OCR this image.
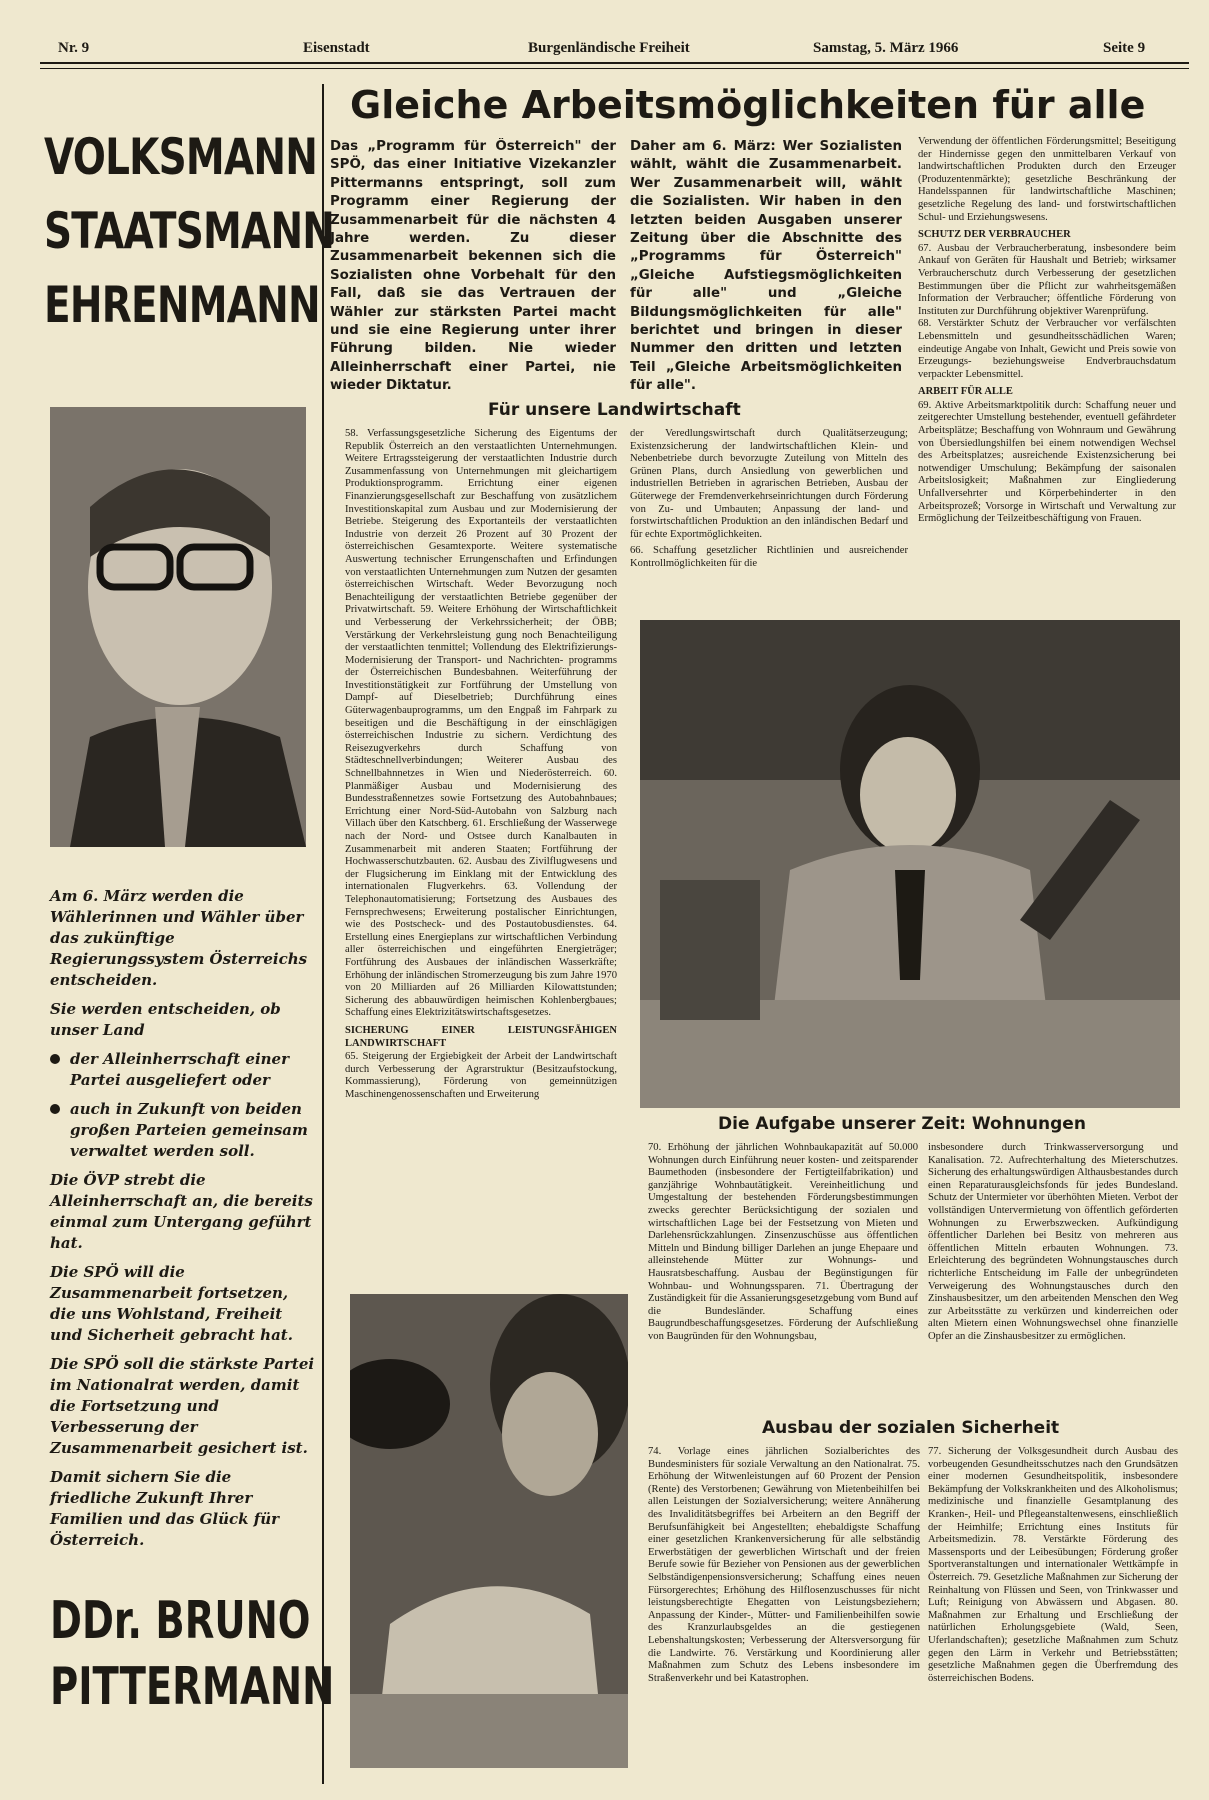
Nr. 9	Eisenstadt	Burgenländische Freiheit	Samstag, 5. März 1966	Seite 9
VOLKSMANN
STAATSMANN
EHRENMANN

Am 6. März werden die Wählerinnen und Wähler über das zukünftige Regierungssystem Österreichs entscheiden.

Sie werden entscheiden, ob unser Land

der Alleinherrschaft einer Partei ausgeliefert oder

auch in Zukunft von beiden großen Parteien gemeinsam verwaltet werden soll.

Die ÖVP strebt die Alleinherrschaft an, die bereits einmal zum Untergang geführt hat.

Die SPÖ will die Zusammenarbeit fortsetzen, die uns Wohlstand, Freiheit und Sicherheit gebracht hat.

Die SPÖ soll die stärkste Partei im Nationalrat werden, damit die Fortsetzung und Verbesserung der Zusammenarbeit gesichert ist.

Damit sichern Sie die friedliche Zukunft Ihrer Familien und das Glück für Österreich.

DDr. BRUNO
PITTERMANN
Gleiche Arbeitsmöglichkeiten für alle
Das „Programm für Österreich" der SPÖ, das einer Initiative Vizekanzler Pittermanns entspringt, soll zum Programm einer Regierung der Zusammenarbeit für die nächsten 4 Jahre werden. Zu dieser Zusammenarbeit bekennen sich die Sozialisten ohne Vorbehalt für den Fall, daß sie das Vertrauen der Wähler zur stärksten Partei macht und sie eine Regierung unter ihrer Führung bilden. Nie wieder Alleinherrschaft einer Partei, nie wieder Diktatur.
Daher am 6. März: Wer Sozialisten wählt, wählt die Zusammenarbeit. Wer Zusammenarbeit will, wählt die Sozialisten. Wir haben in den letzten beiden Ausgaben unserer Zeitung über die Abschnitte des „Programms für Österreich" „Gleiche Aufstiegsmöglichkeiten für alle" und „Gleiche Bildungsmöglichkeiten für alle" berichtet und bringen in dieser Nummer den dritten und letzten Teil „Gleiche Arbeitsmöglichkeiten für alle".

Verwendung der öffentlichen Förderungsmittel; Beseitigung der Hindernisse gegen den unmittelbaren Verkauf von landwirtschaftlichen Produkten durch den Erzeuger (Produzentenmärkte); gesetzliche Beschränkung der Handelsspannen für landwirtschaftliche Maschinen; gesetzliche Regelung des land- und forstwirtschaftlichen Schul- und Erziehungswesens.

SCHUTZ DER VERBRAUCHER

67. Ausbau der Verbraucherberatung, insbesondere beim Ankauf von Geräten für Haushalt und Betrieb; wirksamer Verbraucherschutz durch Verbesserung der gesetzlichen Bestimmungen über die Pflicht zur wahrheitsgemäßen Information der Verbraucher; öffentliche Förderung von Instituten zur Durchführung objektiver Warenprüfung.

68. Verstärkter Schutz der Verbraucher vor verfälschten Lebensmitteln und gesundheitsschädlichen Waren; eindeutige Angabe von Inhalt, Gewicht und Preis sowie von Erzeugungs- beziehungsweise Endverbrauchsdatum verpackter Lebensmittel.

ARBEIT FÜR ALLE

69. Aktive Arbeitsmarktpolitik durch: Schaffung neuer und zeitgerechter Umstellung bestehender, eventuell gefährdeter Arbeitsplätze; Beschaffung von Wohnraum und Gewährung von Übersiedlungshilfen bei einem notwendigen Wechsel des Arbeitsplatzes; ausreichende Existenzsicherung bei notwendiger Umschulung; Bekämpfung der saisonalen Arbeitslosigkeit; Maßnahmen zur Eingliederung Unfallversehrter und Körperbehinderter in den Arbeitsprozeß; Vorsorge in Wirtschaft und Verwaltung zur Ermöglichung der Teilzeitbeschäftigung von Frauen.

Für unsere Landwirtschaft

58. Verfassungsgesetzliche Sicherung des Eigentums der Republik Österreich an den verstaatlichten Unternehmungen. Weitere Ertragssteigerung der verstaatlichten Industrie durch Zusammenfassung von Unternehmungen mit gleichartigem Produktionsprogramm. Errichtung einer eigenen Finanzierungsgesellschaft zur Beschaffung von zusätzlichem Investitionskapital zum Ausbau und zur Modernisierung der Betriebe. Steigerung des Exportanteils der verstaatlichten Industrie von derzeit 26 Prozent auf 30 Prozent der österreichischen Gesamtexporte. Weitere systematische Auswertung technischer Errungenschaften und Erfindungen von verstaatlichten Unternehmungen zum Nutzen der gesamten österreichischen Wirtschaft. Weder Bevorzugung noch Benachteiligung der verstaatlichten Betriebe gegenüber der Privatwirtschaft. 59. Weitere Erhöhung der Wirtschaftlichkeit und Verbesserung der Verkehrssicherheit; der ÖBB; Verstärkung der Verkehrsleistung gung noch Benachteiligung der verstaatlichten tenmittel; Vollendung des Elektrifizierungs- Modernisierung der Transport- und Nachrichten- programms der Österreichischen Bundesbahnen. Weiterführung der Investitionstätigkeit zur Fortführung der Umstellung von Dampf- auf Dieselbetrieb; Durchführung eines Güterwagenbauprogramms, um den Engpaß im Fahrpark zu beseitigen und die Beschäftigung in der einschlägigen österreichischen Industrie zu sichern. Verdichtung des Reisezugverkehrs durch Schaffung von Städteschnellverbindungen; Weiterer Ausbau des Schnellbahnnetzes in Wien und Niederösterreich. 60. Planmäßiger Ausbau und Modernisierung des Bundesstraßennetzes sowie Fortsetzung des Autobahnbaues; Errichtung einer Nord-Süd-Autobahn von Salzburg nach Villach über den Katschberg. 61. Erschließung der Wasserwege nach der Nord- und Ostsee durch Kanalbauten in Zusammenarbeit mit anderen Staaten; Fortführung der Hochwasserschutzbauten. 62. Ausbau des Zivilflugwesens und der Flugsicherung im Einklang mit der Entwicklung des internationalen Flugverkehrs. 63. Vollendung der Telephonautomatisierung; Fortsetzung des Ausbaues des Fernsprechwesens; Erweiterung postalischer Einrichtungen, wie des Postscheck- und des Postautobusdienstes. 64. Erstellung eines Energieplans zur wirtschaftlichen Verbindung aller österreichischen und eingeführten Energieträger; Fortführung des Ausbaues der inländischen Wasserkräfte; Erhöhung der inländischen Stromerzeugung bis zum Jahre 1970 von 20 Milliarden auf 26 Milliarden Kilowattstunden; Sicherung des abbauwürdigen heimischen Kohlenbergbaues; Schaffung eines Elektrizitätswirtschaftsgesetzes.

SICHERUNG EINER LEISTUNGSFÄHIGEN LANDWIRTSCHAFT

65. Steigerung der Ergiebigkeit der Arbeit der Landwirtschaft durch Verbesserung der Agrarstruktur (Besitzaufstockung, Kommassierung), Förderung von gemeinnützigen Maschinengenossenschaften und Erweiterung

der Veredlungswirtschaft durch Qualitätserzeugung; Existenzsicherung der landwirtschaftlichen Klein- und Nebenbetriebe durch bevorzugte Zuteilung von Mitteln des Grünen Plans, durch Ansiedlung von gewerblichen und industriellen Betrieben in agrarischen Betrieben, Ausbau der Güterwege der Fremdenverkehrseinrichtungen durch Förderung von Zu- und Umbauten; Anpassung der land- und forstwirtschaftlichen Produktion an den inländischen Bedarf und für echte Exportmöglichkeiten.

66. Schaffung gesetzlicher Richtlinien und ausreichender Kontrollmöglichkeiten für die

Die Aufgabe unserer Zeit: Wohnungen

70. Erhöhung der jährlichen Wohnbaukapazität auf 50.000 Wohnungen durch Einführung neuer kosten- und zeitsparender Baumethoden (insbesondere der Fertigteilfabrikation) und ganzjährige Wohnbautätigkeit. Vereinheitlichung und Umgestaltung der bestehenden Förderungsbestimmungen zwecks gerechter Berücksichtigung der sozialen und wirtschaftlichen Lage bei der Festsetzung von Mieten und Darlehensrückzahlungen. Zinsenzuschüsse aus öffentlichen Mitteln und Bindung billiger Darlehen an junge Ehepaare und alleinstehende Mütter zur Wohnungs- und Hausratsbeschaffung. Ausbau der Begünstigungen für Wohnbau- und Wohnungssparen. 71. Übertragung der Zuständigkeit für die Assanierungsgesetzgebung vom Bund auf die Bundesländer. Schaffung eines Baugrundbeschaffungsgesetzes. Förderung der Aufschließung von Baugründen für den Wohnungsbau,

insbesondere durch Trinkwasserversorgung und Kanalisation. 72. Aufrechterhaltung des Mieterschutzes. Sicherung des erhaltungswürdigen Althausbestandes durch einen Reparaturausgleichsfonds für jedes Bundesland. Schutz der Untermieter vor überhöhten Mieten. Verbot der vollständigen Untervermietung von öffentlich geförderten Wohnungen zu Erwerbszwecken. Aufkündigung öffentlicher Darlehen bei Besitz von mehreren aus öffentlichen Mitteln erbauten Wohnungen. 73. Erleichterung des begründeten Wohnungstausches durch richterliche Entscheidung im Falle der unbegründeten Verweigerung des Wohnungstausches durch den Zinshausbesitzer, um den arbeitenden Menschen den Weg zur Arbeitsstätte zu verkürzen und kinderreichen oder alten Mietern einen Wohnungswechsel ohne finanzielle Opfer an die Zinshausbesitzer zu ermöglichen.

Ausbau der sozialen Sicherheit

74. Vorlage eines jährlichen Sozialberichtes des Bundesministers für soziale Verwaltung an den Nationalrat. 75. Erhöhung der Witwenleistungen auf 60 Prozent der Pension (Rente) des Verstorbenen; Gewährung von Mietenbeihilfen bei allen Leistungen der Sozialversicherung; weitere Annäherung des Invaliditätsbegriffes bei Arbeitern an den Begriff der Berufsunfähigkeit bei Angestellten; ehebaldigste Schaffung einer gesetzlichen Krankenversicherung für alle selbständig Erwerbstätigen der gewerblichen Wirtschaft und der freien Berufe sowie für Bezieher von Pensionen aus der gewerblichen Selbständigenpensionsversicherung; Schaffung eines neuen Fürsorgerechtes; Erhöhung des Hilflosenzuschusses für nicht leistungsberechtigte Ehegatten von Leistungsbeziehern; Anpassung der Kinder-, Mütter- und Familienbeihilfen sowie des Kranzurlaubsgeldes an die gestiegenen Lebenshaltungskosten; Verbesserung der Altersversorgung für die Landwirte. 76. Verstärkung und Koordinierung aller Maßnahmen zum Schutz des Lebens insbesondere im Straßenverkehr und bei Katastrophen.

77. Sicherung der Volksgesundheit durch Ausbau des vorbeugenden Gesundheitsschutzes nach den Grundsätzen einer modernen Gesundheitspolitik, insbesondere Bekämpfung der Volkskrankheiten und des Alkoholismus; medizinische und finanzielle Gesamtplanung des Kranken-, Heil- und Pflegeanstaltenwesens, einschließlich der Heimhilfe; Errichtung eines Instituts für Arbeitsmedizin. 78. Verstärkte Förderung des Massensports und der Leibesübungen; Förderung großer Sportveranstaltungen und internationaler Wettkämpfe in Österreich. 79. Gesetzliche Maßnahmen zur Sicherung der Reinhaltung von Flüssen und Seen, von Trinkwasser und Luft; Reinigung von Abwässern und Abgasen. 80. Maßnahmen zur Erhaltung und Erschließung der natürlichen Erholungsgebiete (Wald, Seen, Uferlandschaften); gesetzliche Maßnahmen zum Schutz gegen den Lärm in Verkehr und Betriebsstätten; gesetzliche Maßnahmen gegen die Überfremdung des österreichischen Bodens.
